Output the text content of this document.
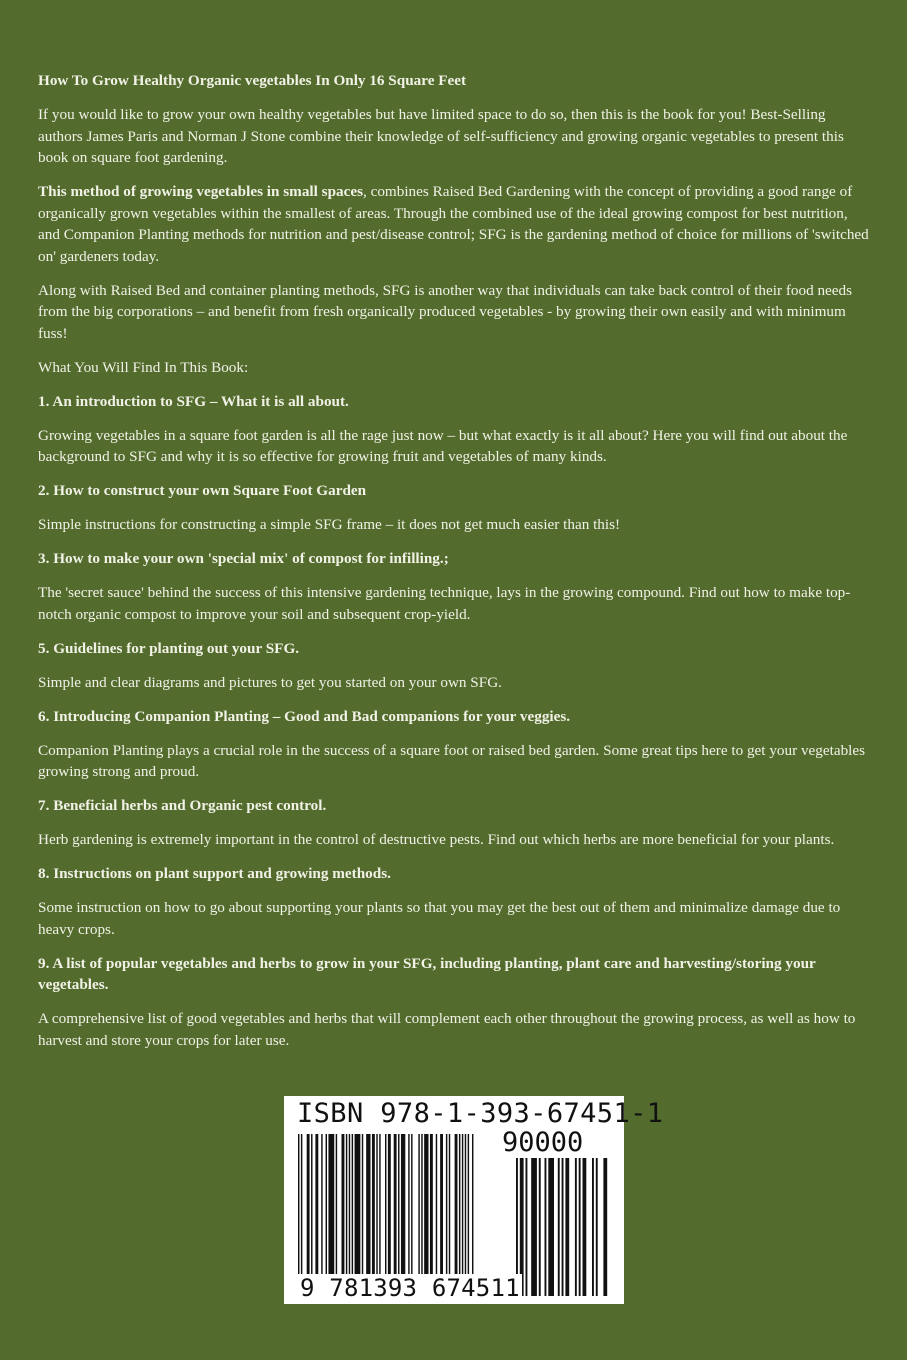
How To Grow Healthy Organic vegetables In Only 16 Square Feet

If you would like to grow your own healthy vegetables but have limited space to do so, then this is the book for you! Best-Selling authors James Paris and Norman J Stone combine their knowledge of self-sufficiency and growing organic vegetables to present this book on square foot gardening.

This method of growing vegetables in small spaces, combines Raised Bed Gardening with the concept of providing a good range of organically grown vegetables within the smallest of areas. Through the combined use of the ideal growing compost for best nutrition, and Companion Planting methods for nutrition and pest/disease control; SFG is the gardening method of choice for millions of 'switched on' gardeners today.

Along with Raised Bed and container planting methods, SFG is another way that individuals can take back control of their food needs from the big corporations – and benefit from fresh organically produced vegetables - by growing their own easily and with minimum fuss!

What You Will Find In This Book:

1. An introduction to SFG – What it is all about.

Growing vegetables in a square foot garden is all the rage just now – but what exactly is it all about? Here you will find out about the background to SFG and why it is so effective for growing fruit and vegetables of many kinds.

2. How to construct your own Square Foot Garden

Simple instructions for constructing a simple SFG frame – it does not get much easier than this!

3. How to make your own 'special mix' of compost for infilling.;

The 'secret sauce' behind the success of this intensive gardening technique, lays in the growing compound. Find out how to make top-notch organic compost to improve your soil and subsequent crop-yield.

5. Guidelines for planting out your SFG.

Simple and clear diagrams and pictures to get you started on your own SFG.

6. Introducing Companion Planting – Good and Bad companions for your veggies.

Companion Planting plays a crucial role in the success of a square foot or raised bed garden. Some great tips here to get your vegetables growing strong and proud.

7. Beneficial herbs and Organic pest control.

Herb gardening is extremely important in the control of destructive pests. Find out which herbs are more beneficial for your plants.

8. Instructions on plant support and growing methods.

Some instruction on how to go about supporting your plants so that you may get the best out of them and minimalize damage due to heavy crops.

9. A list of popular vegetables and herbs to grow in your SFG, including planting, plant care and harvesting/storing your vegetables.

A comprehensive list of good vegetables and herbs that will complement each other throughout the growing process, as well as how to harvest and store your crops for later use.

ISBN 978-1-393-67451-1
90000
9 781393 674511
